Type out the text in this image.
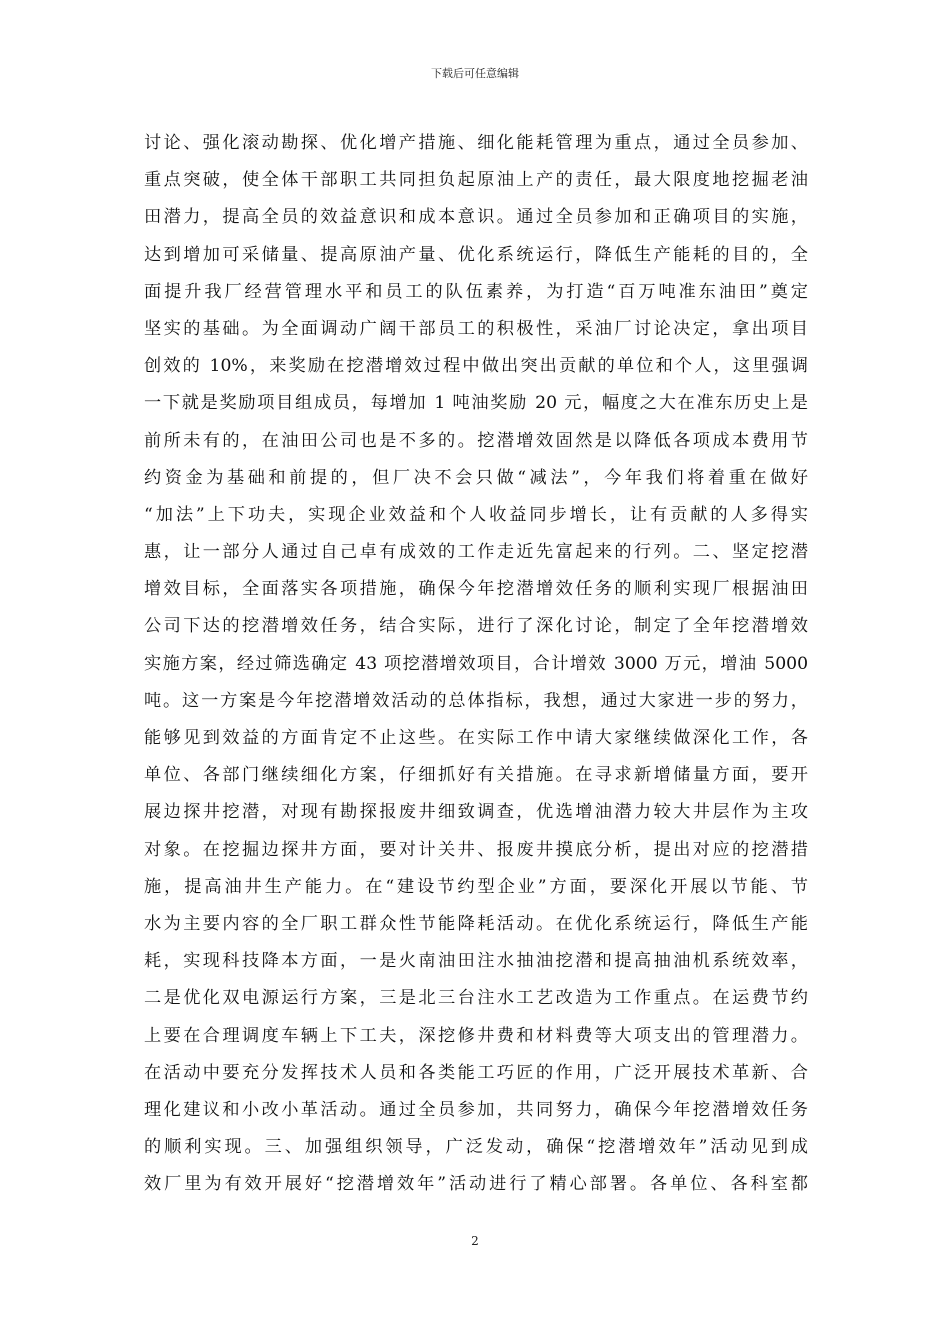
下载后可任意编辑
讨论、强化滚动勘探、优化增产措施、细化能耗管理为重点，通过全员参加、
重点突破，使全体干部职工共同担负起原油上产的责任，最大限度地挖掘老油
田潜力，提高全员的效益意识和成本意识。通过全员参加和正确项目的实施，
达到增加可采储量、提高原油产量、优化系统运行，降低生产能耗的目的，全
面提升我厂经营管理水平和员工的队伍素养，为打造“百万吨准东油田”奠定
坚实的基础。为全面调动广阔干部员工的积极性，采油厂讨论决定，拿出项目
创效的 10%，来奖励在挖潜增效过程中做出突出贡献的单位和个人，这里强调
一下就是奖励项目组成员，每增加 1 吨油奖励 20 元，幅度之大在准东历史上是
前所未有的，在油田公司也是不多的。挖潜增效固然是以降低各项成本费用节
约资金为基础和前提的，但厂决不会只做“减法”，今年我们将着重在做好
“加法”上下功夫，实现企业效益和个人收益同步增长，让有贡献的人多得实
惠，让一部分人通过自己卓有成效的工作走近先富起来的行列。二、坚定挖潜
增效目标，全面落实各项措施，确保今年挖潜增效任务的顺利实现厂根据油田
公司下达的挖潜增效任务，结合实际，进行了深化讨论，制定了全年挖潜增效
实施方案，经过筛选确定 43 项挖潜增效项目，合计增效 3000 万元，增油 5000
吨。这一方案是今年挖潜增效活动的总体指标，我想，通过大家进一步的努力，
能够见到效益的方面肯定不止这些。在实际工作中请大家继续做深化工作，各
单位、各部门继续细化方案，仔细抓好有关措施。在寻求新增储量方面，要开
展边探井挖潜，对现有勘探报废井细致调查，优选增油潜力较大井层作为主攻
对象。在挖掘边探井方面，要对计关井、报废井摸底分析，提出对应的挖潜措
施，提高油井生产能力。在“建设节约型企业”方面，要深化开展以节能、节
水为主要内容的全厂职工群众性节能降耗活动。在优化系统运行，降低生产能
耗，实现科技降本方面，一是火南油田注水抽油挖潜和提高抽油机系统效率，
二是优化双电源运行方案，三是北三台注水工艺改造为工作重点。在运费节约
上要在合理调度车辆上下工夫，深挖修井费和材料费等大项支出的管理潜力。
在活动中要充分发挥技术人员和各类能工巧匠的作用，广泛开展技术革新、合
理化建议和小改小革活动。通过全员参加，共同努力，确保今年挖潜增效任务
的顺利实现。三、加强组织领导，广泛发动，确保“挖潜增效年”活动见到成
效厂里为有效开展好“挖潜增效年”活动进行了精心部署。各单位、各科室都
2
